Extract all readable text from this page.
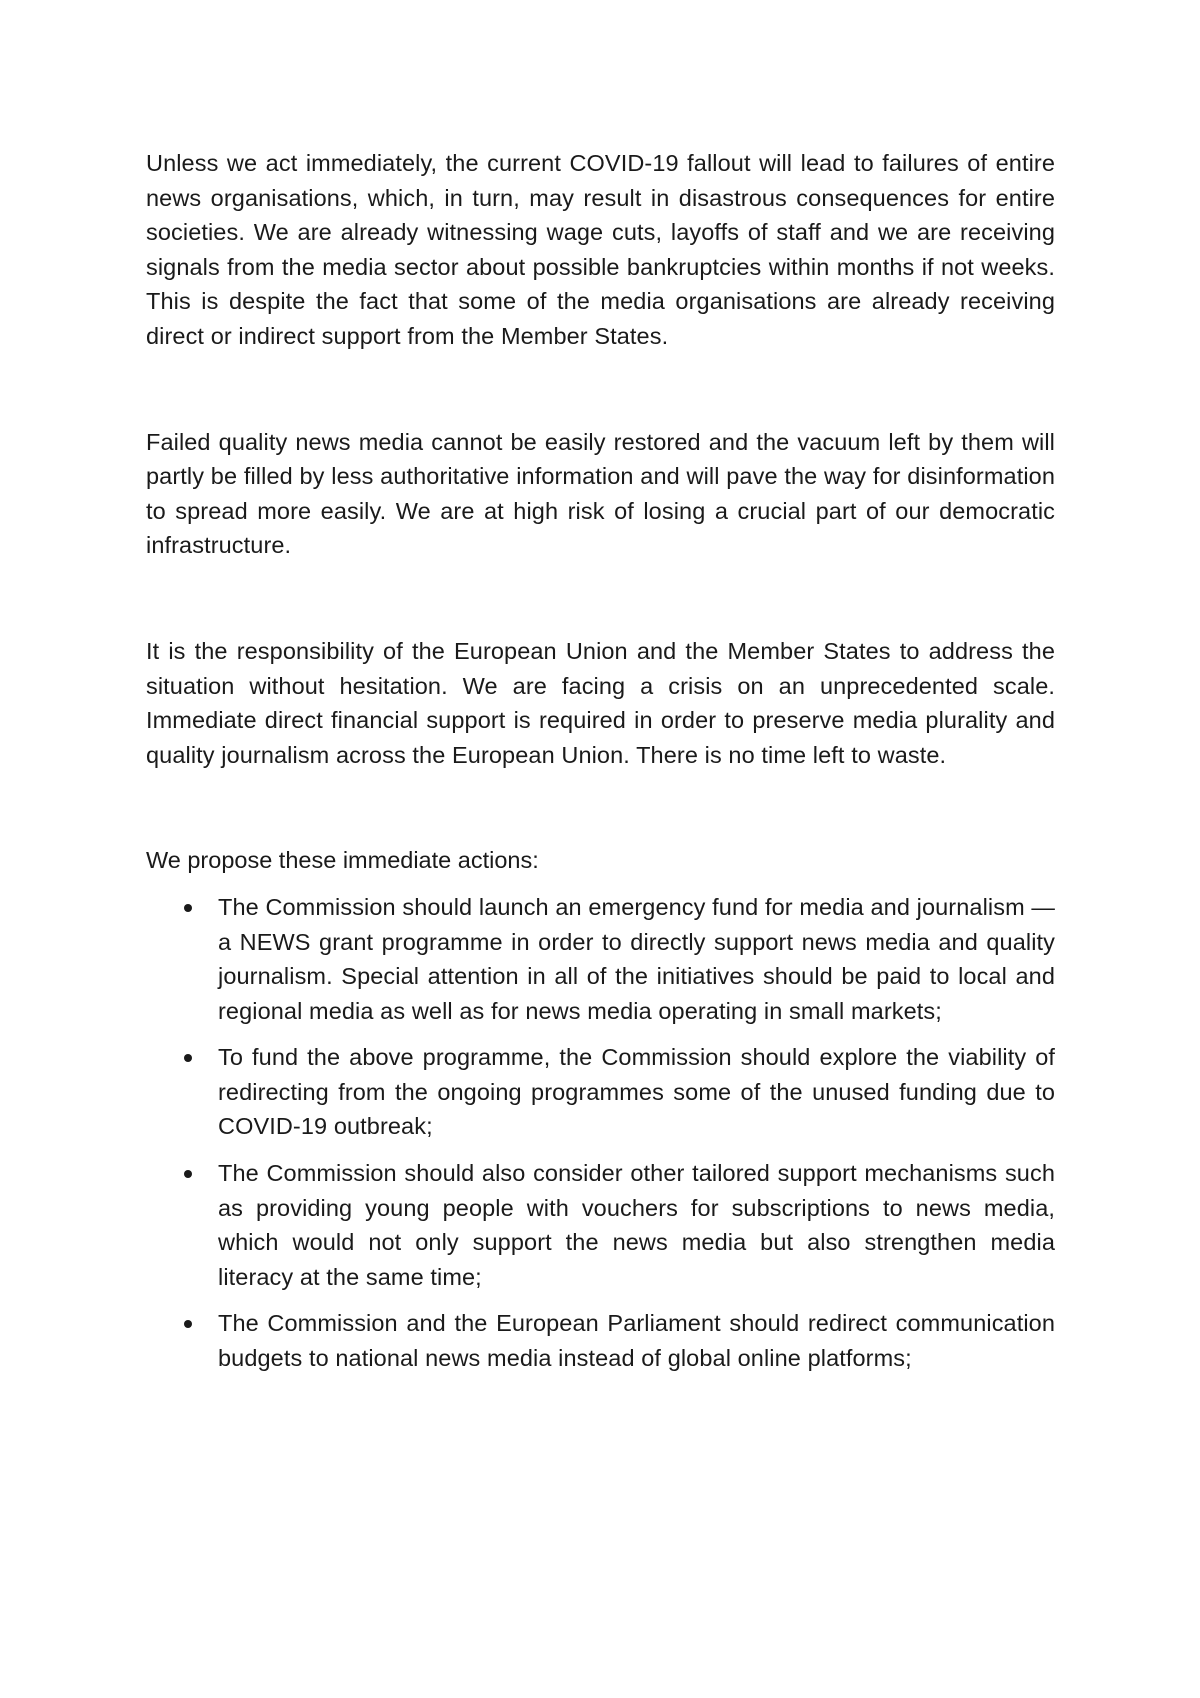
Unless we act immediately, the current COVID-19 fallout will lead to failures of entire news organisations, which, in turn, may result in disastrous consequences for entire societies. We are already witnessing wage cuts, layoffs of staff and we are receiving signals from the media sector about possible bankruptcies within months if not weeks. This is despite the fact that some of the media organisations are already receiving direct or indirect support from the Member States.

Failed quality news media cannot be easily restored and the vacuum left by them will partly be filled by less authoritative information and will pave the way for disinformation to spread more easily. We are at high risk of losing a crucial part of our democratic infrastructure.

It is the responsibility of the European Union and the Member States to address the situation without hesitation. We are facing a crisis on an unprecedented scale. Immediate direct financial support is required in order to preserve media plurality and quality journalism across the European Union. There is no time left to waste.

We propose these immediate actions:

The Commission should launch an emergency fund for media and journalism — a NEWS grant programme in order to directly support news media and quality journalism. Special attention in all of the initiatives should be paid to local and regional media as well as for news media operating in small markets;
To fund the above programme, the Commission should explore the viability of redirecting from the ongoing programmes some of the unused funding due to COVID-19 outbreak;
The Commission should also consider other tailored support mechanisms such as providing young people with vouchers for subscriptions to news media, which would not only support the news media but also strengthen media literacy at the same time;
The Commission and the European Parliament should redirect communication budgets to national news media instead of global online platforms;
